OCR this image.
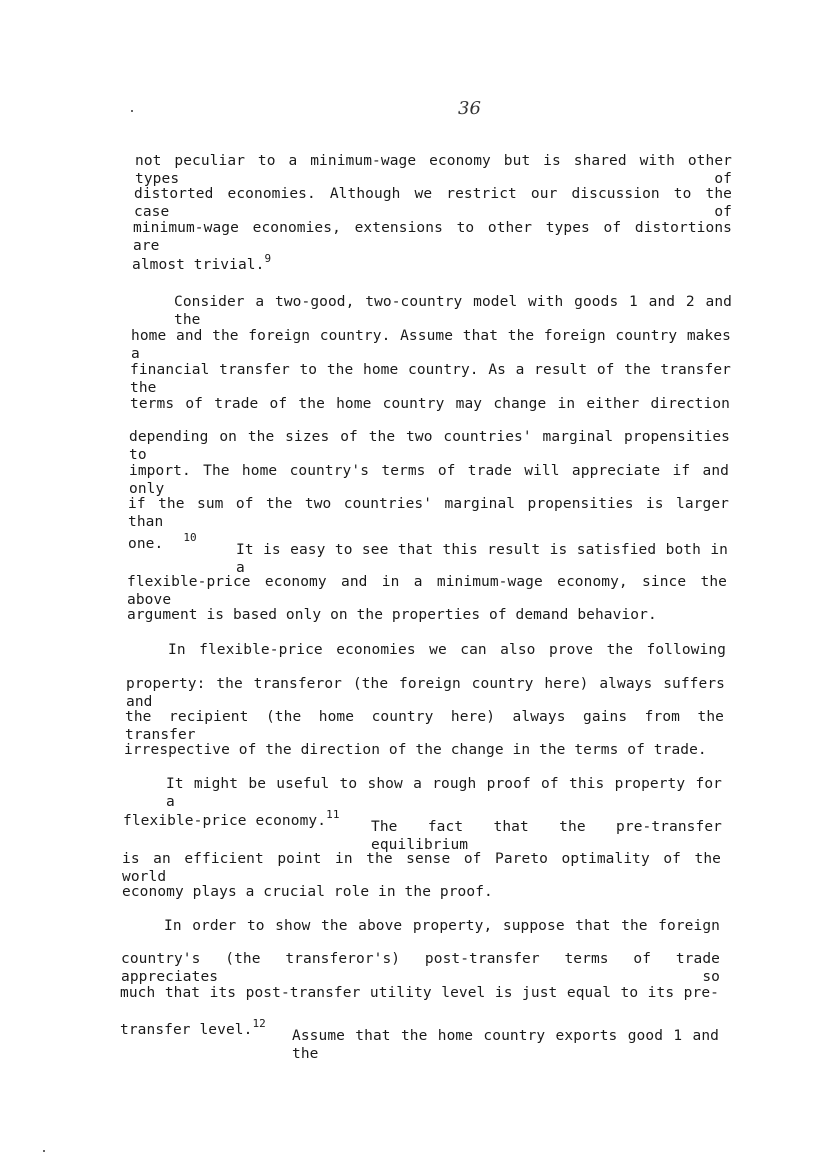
36
not peculiar to a minimum-wage economy but is shared with other types of
distorted economies. Although we restrict our discussion to the case of
minimum-wage economies, extensions to other types of distortions are
almost trivial.$^9$
Consider a two-good, two-country model with goods 1 and 2 and the
home and the foreign country. Assume that the foreign country makes a
financial transfer to the home country. As a result of the transfer the
terms of trade of the home country may change in either direction
depending on the sizes of the two countries' marginal propensities to
import. The home country's terms of trade will appreciate if and only
if the sum of the two countries' marginal propensities is larger than
one. $^{10}$
It is easy to see that this result is satisfied both in a
flexible-price economy and in a minimum-wage economy, since the above
argument is based only on the properties of demand behavior.
In flexible-price economies we can also prove the following
property: the transferor (the foreign country here) always suffers and
the recipient (the home country here) always gains from the transfer
irrespective of the direction of the change in the terms of trade.
It might be useful to show a rough proof of this property for a
flexible-price economy.$^{11}$
The fact that the pre-transfer equilibrium
is an efficient point in the sense of Pareto optimality of the world
economy plays a crucial role in the proof.
In order to show the above property, suppose that the foreign
country's (the transferor's) post-transfer terms of trade appreciates so
much that its post-transfer utility level is just equal to its pre-
transfer level.$^{12}$
Assume that the home country exports good 1 and the
